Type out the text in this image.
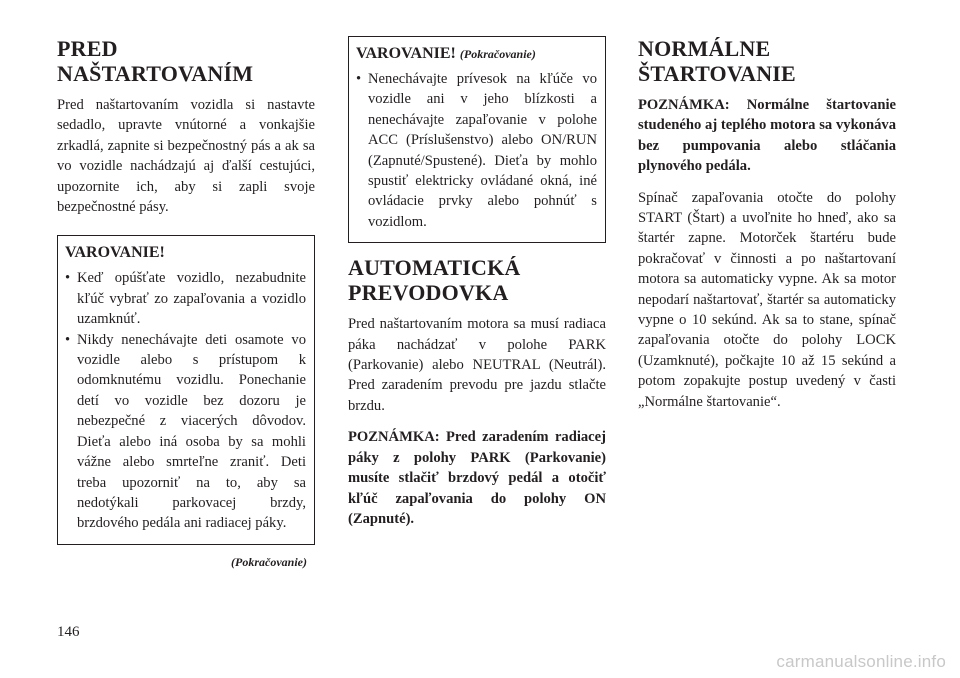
PRED
NAŠTARTOVANÍM

Pred naštartovaním vozidla si nastavte sedadlo, upravte vnútorné a vonkajšie zrkadlá, zapnite si bezpečnostný pás a ak sa vo vozidle nachádzajú aj ďalší cestujúci, upozornite ich, aby si zapli svoje bezpečnostné pásy.

VAROVANIE!
• Keď opúšťate vozidlo, nezabudnite kľúč vybrať zo zapaľovania a vozidlo uzamknúť.
• Nikdy nenechávajte deti osamote vo vozidle alebo s prístupom k odomknutému vozidlu. Ponechanie detí vo vozidle bez dozoru je nebezpečné z viacerých dôvodov. Dieťa alebo iná osoba by sa mohli vážne alebo smrteľne zraniť. Deti treba upozorniť na to, aby sa nedotýkali parkovacej brzdy, brzdového pedála ani radiacej páky.
(Pokračovanie)
VAROVANIE! (Pokračovanie)
• Nenechávajte prívesok na kľúče vo vozidle ani v jeho blízkosti a nenechávajte zapaľovanie v polohe ACC (Príslušenstvo) alebo ON/RUN (Zapnuté/Spustené). Dieťa by mohlo spustiť elektricky ovládané okná, iné ovládacie prvky alebo pohnúť s vozidlom.
AUTOMATICKÁ
PREVODOVKA

Pred naštartovaním motora sa musí radiaca páka nachádzať v polohe PARK (Parkovanie) alebo NEUTRAL (Neutrál). Pred zaradením prevodu pre jazdu stlačte brzdu.

POZNÁMKA: Pred zaradením radiacej páky z polohy PARK (Parkovanie) musíte stlačiť brzdový pedál a otočiť kľúč zapaľovania do polohy ON (Zapnuté).

NORMÁLNE
ŠTARTOVANIE

POZNÁMKA: Normálne štartovanie studeného aj teplého motora sa vykonáva bez pumpovania alebo stláčania plynového pedála.

Spínač zapaľovania otočte do polohy START (Štart) a uvoľnite ho hneď, ako sa štartér zapne. Motorček štartéru bude pokračovať v činnosti a po naštartovaní motora sa automaticky vypne. Ak sa motor nepodarí naštartovať, štartér sa automaticky vypne o 10 sekúnd. Ak sa to stane, spínač zapaľovania otočte do polohy LOCK (Uzamknuté), počkajte 10 až 15 sekúnd a potom zopakujte postup uvedený v časti „Normálne štartovanie“.

146
carmanualsonline.info
